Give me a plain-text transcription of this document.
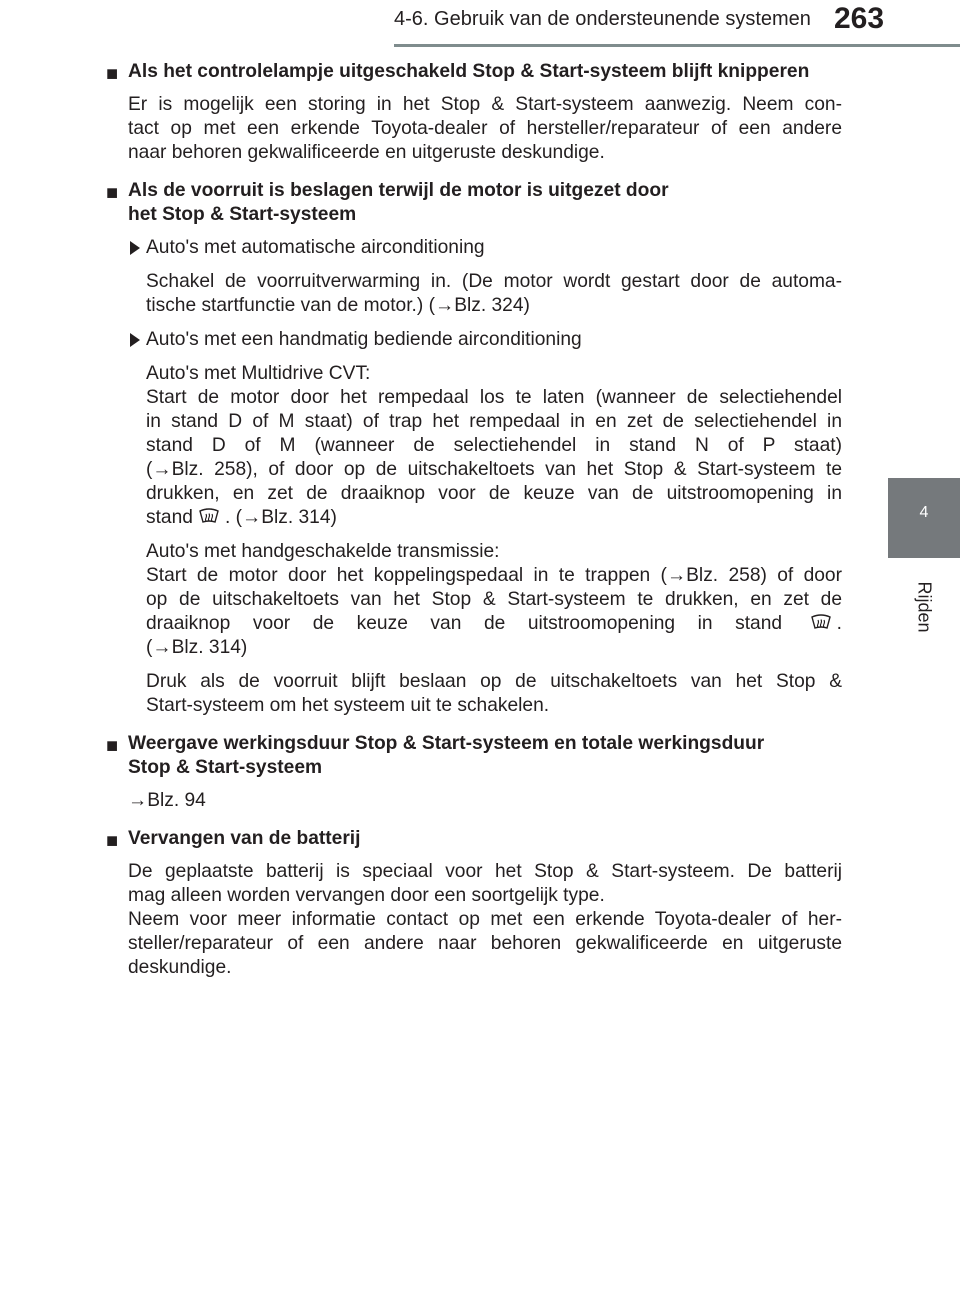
4-6. Gebruik van de ondersteunende systemen 263
4
Rijden
■ Als het controlelampje uitgeschakeld Stop & Start-systeem blijft knipperen
Er is mogelijk een storing in het Stop & Start-systeem aanwezig. Neem con-
tact op met een erkende Toyota-dealer of hersteller/reparateur of een andere
naar behoren gekwalificeerde en uitgeruste deskundige.
■ Als de voorruit is beslagen terwijl de motor is uitgezet door
het Stop & Start-systeem
Auto's met automatische airconditioning
Schakel de voorruitverwarming in. (De motor wordt gestart door de automa-
tische startfunctie van de motor.) (→Blz. 324)
Auto's met een handmatig bediende airconditioning
Auto's met Multidrive CVT:
Start de motor door het rempedaal los te laten (wanneer de selectiehendel
in stand D of M staat) of trap het rempedaal in en zet de selectiehendel in
stand D of M (wanneer de selectiehendel in stand N of P staat)
(→Blz. 258), of door op de uitschakeltoets van het Stop & Start-systeem te
drukken, en zet de draaiknop voor de keuze van de uitstroomopening in
stand . (→Blz. 314)
Auto's met handgeschakelde transmissie:
Start de motor door het koppelingspedaal in te trappen (→Blz. 258) of door
op de uitschakeltoets van het Stop & Start-systeem te drukken, en zet de
draaiknop voor de keuze van de uitstroomopening in stand	.
(→Blz. 314)
Druk als de voorruit blijft beslaan op de uitschakeltoets van het Stop &
Start-systeem om het systeem uit te schakelen.
■ Weergave werkingsduur Stop & Start-systeem en totale werkingsduur
Stop & Start-systeem
→Blz. 94
■ Vervangen van de batterij
De geplaatste batterij is speciaal voor het Stop & Start-systeem. De batterij
mag alleen worden vervangen door een soortgelijk type.
Neem voor meer informatie contact op met een erkende Toyota-dealer of her-
steller/reparateur of een andere naar behoren gekwalificeerde en uitgeruste
deskundige.
